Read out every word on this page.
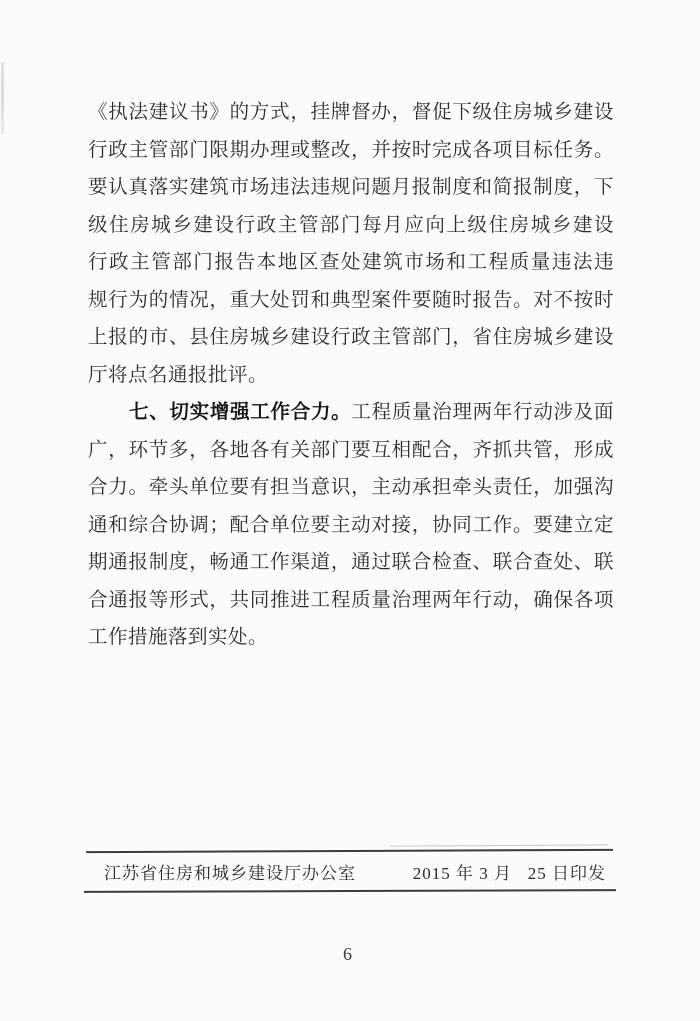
《执法建议书》的方式，挂牌督办，督促下级住房城乡建设
行政主管部门限期办理或整改，并按时完成各项目标任务。
要认真落实建筑市场违法违规问题月报制度和简报制度，下
级住房城乡建设行政主管部门每月应向上级住房城乡建设
行政主管部门报告本地区查处建筑市场和工程质量违法违
规行为的情况，重大处罚和典型案件要随时报告。对不按时
上报的市、县住房城乡建设行政主管部门，省住房城乡建设
厅将点名通报批评。
七、切实增强工作合力。工程质量治理两年行动涉及面
广，环节多，各地各有关部门要互相配合，齐抓共管，形成
合力。牵头单位要有担当意识，主动承担牵头责任，加强沟
通和综合协调；配合单位要主动对接，协同工作。要建立定
期通报制度，畅通工作渠道，通过联合检查、联合查处、联
合通报等形式，共同推进工程质量治理两年行动，确保各项
工作措施落到实处。
江苏省住房和城乡建设厅办公室	2015 年 3 月   25 日印发
6
